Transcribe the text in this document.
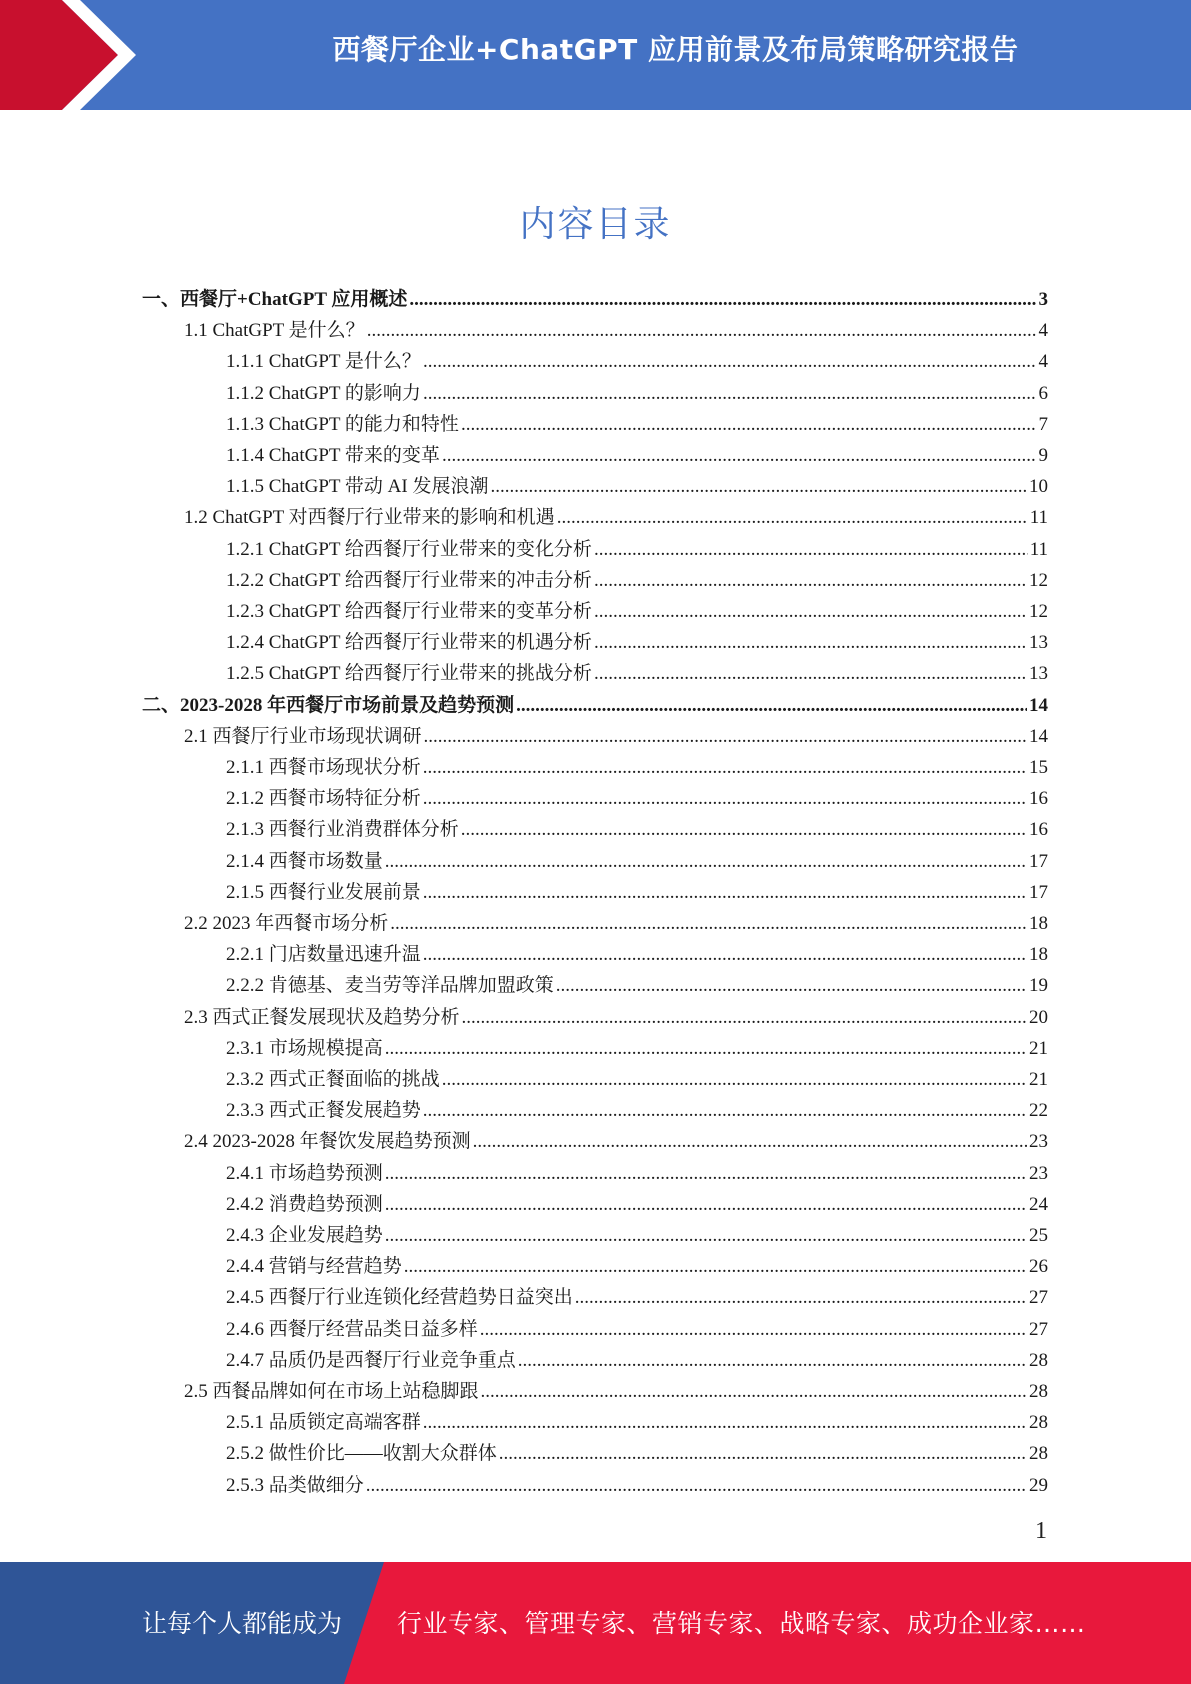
西餐厅企业+ChatGPT 应用前景及布局策略研究报告
内容目录
一、西餐厅+ChatGPT 应用概述 .....	3
1.1 ChatGPT 是什么？ .....	4
1.1.1 ChatGPT 是什么？ .....	4
1.1.2 ChatGPT 的影响力 .....	6
1.1.3 ChatGPT 的能力和特性 .....	7
1.1.4 ChatGPT 带来的变革 .....	9
1.1.5 ChatGPT 带动 AI 发展浪潮 .....	10
1.2 ChatGPT 对西餐厅行业带来的影响和机遇 .....	11
1.2.1 ChatGPT 给西餐厅行业带来的变化分析 .....	11
1.2.2 ChatGPT 给西餐厅行业带来的冲击分析 .....	12
1.2.3 ChatGPT 给西餐厅行业带来的变革分析 .....	12
1.2.4 ChatGPT 给西餐厅行业带来的机遇分析 .....	13
1.2.5 ChatGPT 给西餐厅行业带来的挑战分析 .....	13
二、2023-2028 年西餐厅市场前景及趋势预测 .....	14
2.1 西餐厅行业市场现状调研 .....	14
2.1.1 西餐市场现状分析 .....	15
2.1.2 西餐市场特征分析 .....	16
2.1.3 西餐行业消费群体分析 .....	16
2.1.4 西餐市场数量 .....	17
2.1.5 西餐行业发展前景 .....	17
2.2 2023 年西餐市场分析 .....	18
2.2.1 门店数量迅速升温 .....	18
2.2.2 肯德基、麦当劳等洋品牌加盟政策 .....	19
2.3 西式正餐发展现状及趋势分析 .....	20
2.3.1 市场规模提高 .....	21
2.3.2 西式正餐面临的挑战 .....	21
2.3.3 西式正餐发展趋势 .....	22
2.4 2023-2028 年餐饮发展趋势预测 .....	23
2.4.1 市场趋势预测 .....	23
2.4.2 消费趋势预测 .....	24
2.4.3 企业发展趋势 .....	25
2.4.4 营销与经营趋势 .....	26
2.4.5 西餐厅行业连锁化经营趋势日益突出 .....	27
2.4.6 西餐厅经营品类日益多样 .....	27
2.4.7 品质仍是西餐厅行业竞争重点 .....	28
2.5 西餐品牌如何在市场上站稳脚跟 .....	28
2.5.1 品质锁定高端客群 .....	28
2.5.2 做性价比——收割大众群体 .....	28
2.5.3 品类做细分 .....	29
1
让每个人都能成为 行业专家、管理专家、营销专家、战略专家、成功企业家……
